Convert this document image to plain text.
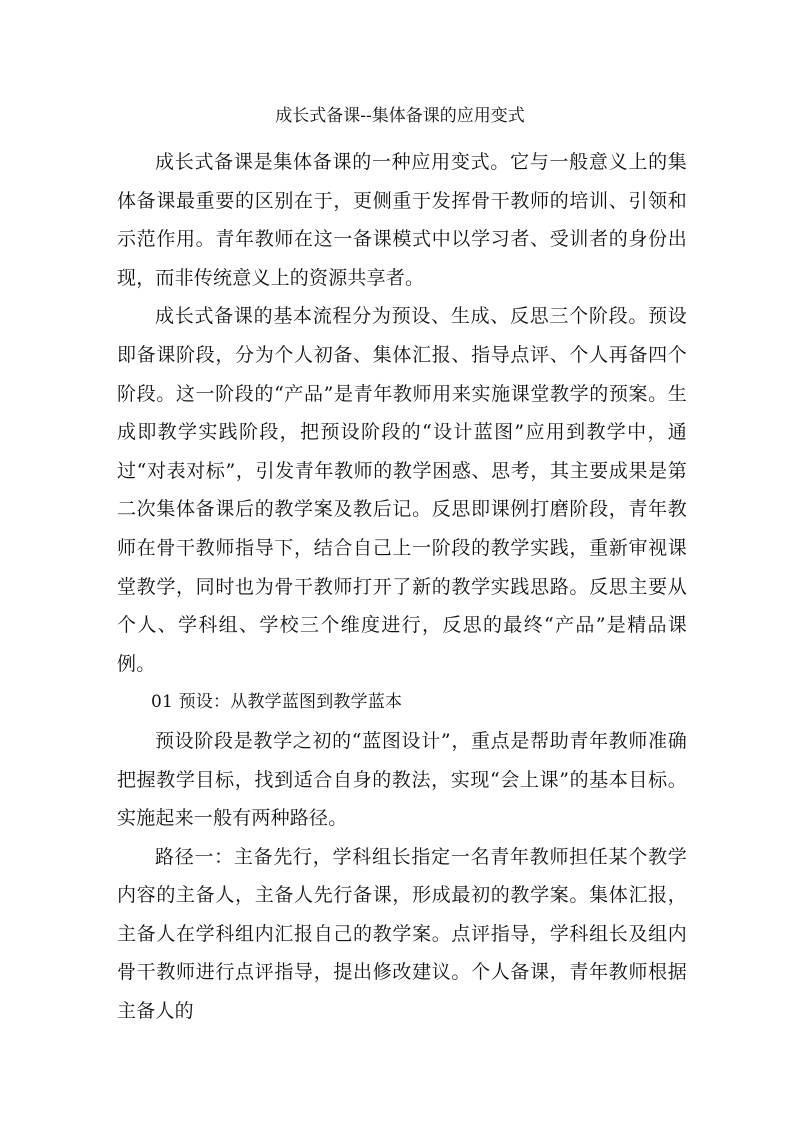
成长式备课--集体备课的应用变式

成长式备课是集体备课的一种应用变式。它与一般意义上的集体备课最重要的区别在于，更侧重于发挥骨干教师的培训、引领和示范作用。青年教师在这一备课模式中以学习者、受训者的身份出现，而非传统意义上的资源共享者。

成长式备课的基本流程分为预设、生成、反思三个阶段。预设即备课阶段，分为个人初备、集体汇报、指导点评、个人再备四个阶段。这一阶段的“产品”是青年教师用来实施课堂教学的预案。生成即教学实践阶段，把预设阶段的“设计蓝图”应用到教学中，通过“对表对标”，引发青年教师的教学困惑、思考，其主要成果是第二次集体备课后的教学案及教后记。反思即课例打磨阶段，青年教师在骨干教师指导下，结合自己上一阶段的教学实践，重新审视课堂教学，同时也为骨干教师打开了新的教学实践思路。反思主要从个人、学科组、学校三个维度进行，反思的最终“产品”是精品课例。

01 预设：从教学蓝图到教学蓝本

预设阶段是教学之初的“蓝图设计”，重点是帮助青年教师准确把握教学目标，找到适合自身的教法，实现“会上课”的基本目标。实施起来一般有两种路径。

路径一：主备先行，学科组长指定一名青年教师担任某个教学内容的主备人，主备人先行备课，形成最初的教学案。集体汇报，主备人在学科组内汇报自己的教学案。点评指导，学科组长及组内骨干教师进行点评指导，提出修改建议。个人备课，青年教师根据主备人的
